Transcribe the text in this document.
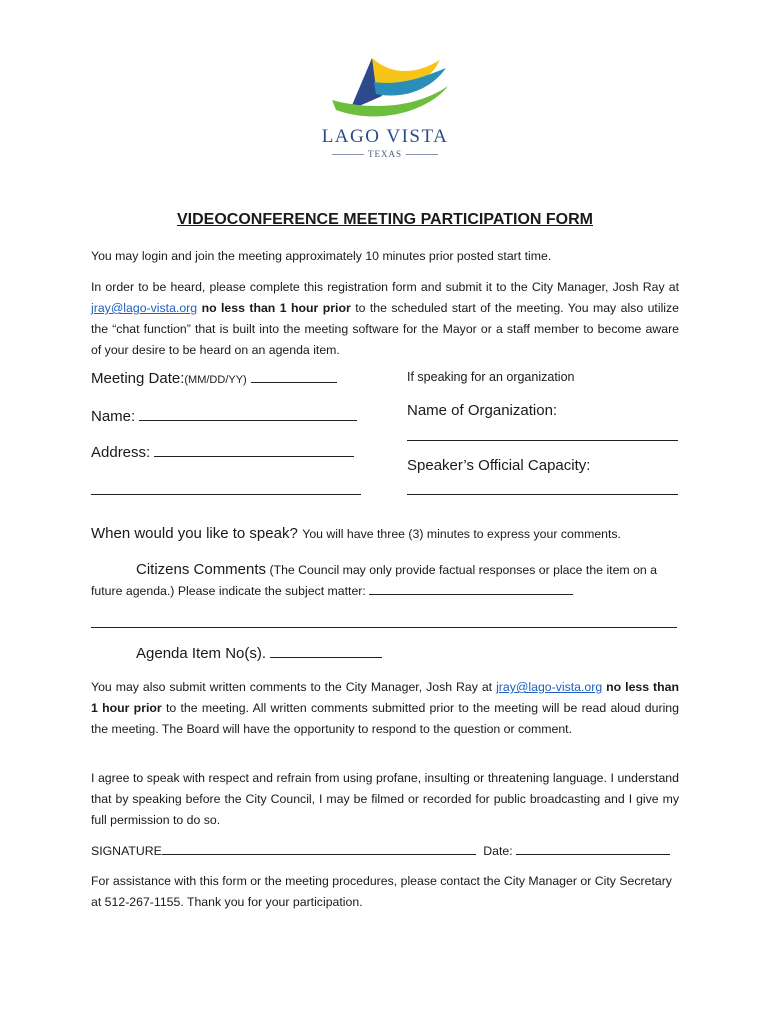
LAGO VISTA
TEXAS
VIDEOCONFERENCE MEETING PARTICIPATION FORM
You may login and join the meeting approximately 10 minutes prior posted start time.
In order to be heard, please complete this registration form and submit it to the City Manager, Josh Ray at jray@lago-vista.org no less than 1 hour prior to the scheduled start of the meeting. You may also utilize the “chat function” that is built into the meeting software for the Mayor or a staff member to become aware of your desire to be heard on an agenda item.
Meeting Date:(MM/DD/YY)
Name:
Address:
If speaking for an organization
Name of Organization:
Speaker’s Official Capacity:
When would you like to speak? You will have three (3) minutes to express your comments.
Citizens Comments (The Council may only provide factual responses or place the item on a future agenda.) Please indicate the subject matter:
Agenda Item No(s).
You may also submit written comments to the City Manager, Josh Ray at jray@lago-vista.org no less than 1 hour prior to the meeting. All written comments submitted prior to the meeting will be read aloud during the meeting. The Board will have the opportunity to respond to the question or comment.
I agree to speak with respect and refrain from using profane, insulting or threatening language. I understand that by speaking before the City Council, I may be filmed or recorded for public broadcasting and I give my full permission to do so.
SIGNATURE	Date:
For assistance with this form or the meeting procedures, please contact the City Manager or City Secretary at 512-267-1155. Thank you for your participation.
